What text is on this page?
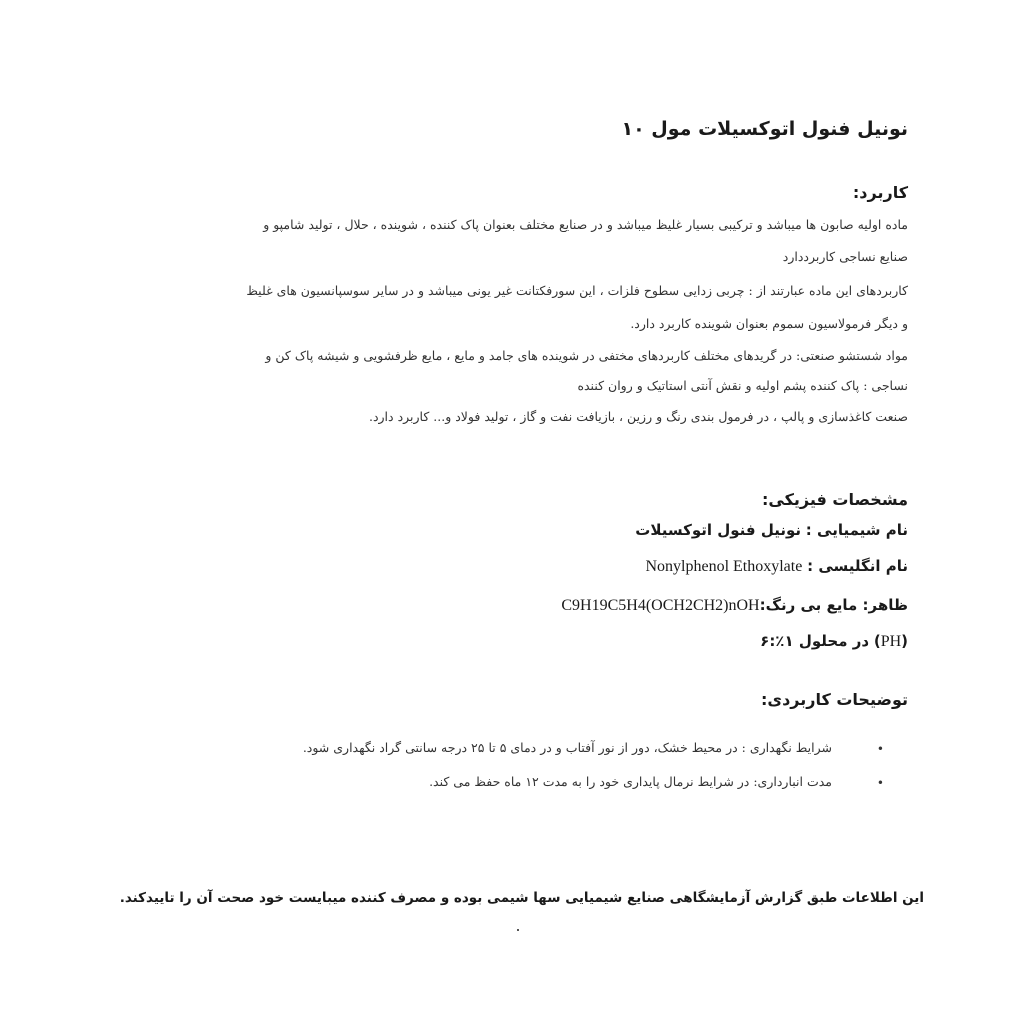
نونیل فنول اتوکسیلات مول ۱۰
کاربرد:
ماده اولیه صابون ها میباشد و ترکیبی بسیار غلیظ میباشد و در صنایع مختلف بعنوان پاک کننده ، شوینده ، حلال ، تولید شامپو و
صنایع نساجی کاربرددارد
کاربردهای این ماده عبارتند از : چربی زدایی سطوح فلزات ، این سورفکتانت غیر یونی میباشد و در سایر سوسپانسیون های غلیظ
و دیگر فرمولاسیون سموم بعنوان شوینده کاربرد دارد.
مواد شستشو صنعتی: در گریدهای مختلف کاربردهای مختفی در شوینده های جامد و مایع ، مایع ظرفشویی و شیشه پاک کن و
نساجی : پاک کننده پشم اولیه و نقش آنتی استاتیک و روان کننده
صنعت کاغذسازی و پالپ ، در فرمول بندی رنگ و رزین ، بازیافت نفت و گاز ، تولید فولاد و... کاربرد دارد.
مشخصات فیزیکی:
نام شیمیایی : نونیل فنول اتوکسیلات
نام انگلیسی : Nonylphenol Ethoxylate
ظاهر: مایع بی رنگ:C9H19C5H4(OCH2CH2)nOH
(PH) در محلول ۱٪:۶
توضیحات کاربردی:
•
شرایط نگهداری : در محیط خشک، دور از نور آفتاب و در دمای ۵ تا ۲۵ درجه سانتی گراد نگهداری شود.
•
مدت انبارداری: در شرایط نرمال پایداری خود را به مدت ۱۲ ماه حفظ می کند.
این اطلاعات طبق گزارش آزمایشگاهی صنایع شیمیایی سها شیمی بوده و مصرف کننده میبایست خود صحت آن را تاییدکند.
